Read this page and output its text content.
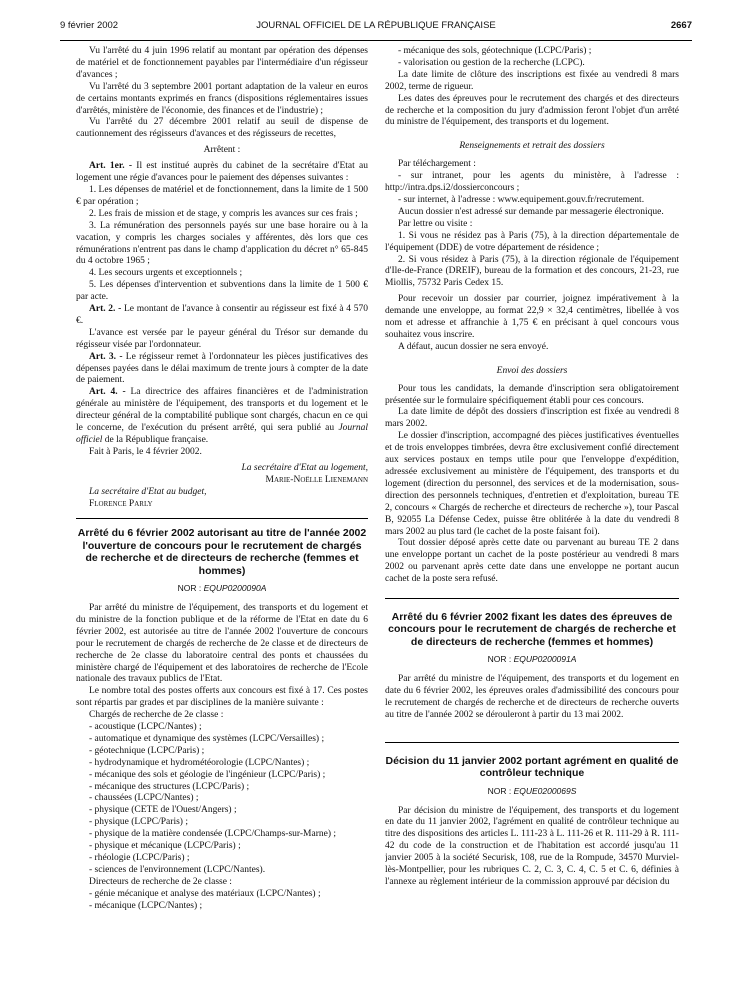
9 février 2002	JOURNAL OFFICIEL DE LA RÉPUBLIQUE FRANÇAISE	2667

Vu l'arrêté du 4 juin 1996 relatif au montant par opération des dépenses de matériel et de fonctionnement payables par l'intermédiaire d'un régisseur d'avances ;

Vu l'arrêté du 3 septembre 2001 portant adaptation de la valeur en euros de certains montants exprimés en francs (dispositions réglementaires issues d'arrêtés, ministère de l'économie, des finances et de l'industrie) ;

Vu l'arrêté du 27 décembre 2001 relatif au seuil de dispense de cautionnement des régisseurs d'avances et des régisseurs de recettes,

Arrêtent :

Art. 1er. - Il est institué auprès du cabinet de la secrétaire d'Etat au logement une régie d'avances pour le paiement des dépenses suivantes :

1. Les dépenses de matériel et de fonctionnement, dans la limite de 1 500 € par opération ;

2. Les frais de mission et de stage, y compris les avances sur ces frais ;

3. La rémunération des personnels payés sur une base horaire ou à la vacation, y compris les charges sociales y afférentes, dès lors que ces rémunérations n'entrent pas dans le champ d'application du décret n° 65-845 du 4 octobre 1965 ;

4. Les secours urgents et exceptionnels ;

5. Les dépenses d'intervention et subventions dans la limite de 1 500 € par acte.

Art. 2. - Le montant de l'avance à consentir au régisseur est fixé à 4 570 €.

L'avance est versée par le payeur général du Trésor sur demande du régisseur visée par l'ordonnateur.

Art. 3. - Le régisseur remet à l'ordonnateur les pièces justificatives des dépenses payées dans le délai maximum de trente jours à compter de la date de paiement.

Art. 4. - La directrice des affaires financières et de l'administration générale au ministère de l'équipement, des transports et du logement et le directeur général de la comptabilité publique sont chargés, chacun en ce qui le concerne, de l'exécution du présent arrêté, qui sera publié au Journal officiel de la République française.

Fait à Paris, le 4 février 2002.

La secrétaire d'Etat au logement,

Marie-Noëlle Lienemann

La secrétaire d'Etat au budget,

Florence Parly

Arrêté du 6 février 2002 autorisant au titre de l'année 2002 l'ouverture de concours pour le recrutement de chargés de recherche et de directeurs de recherche (femmes et hommes)

NOR : EQUP0200090A

Par arrêté du ministre de l'équipement, des transports et du logement et du ministre de la fonction publique et de la réforme de l'Etat en date du 6 février 2002, est autorisée au titre de l'année 2002 l'ouverture de concours pour le recrutement de chargés de recherche de 2e classe et de directeurs de recherche de 2e classe du laboratoire central des ponts et chaussées du ministère chargé de l'équipement et des laboratoires de recherche de l'Ecole nationale des travaux publics de l'Etat.

Le nombre total des postes offerts aux concours est fixé à 17. Ces postes sont répartis par grades et par disciplines de la manière suivante :

Chargés de recherche de 2e classe :

- acoustique (LCPC/Nantes) ;

- automatique et dynamique des systèmes (LCPC/Versailles) ;

- géotechnique (LCPC/Paris) ;

- hydrodynamique et hydrométéorologie (LCPC/Nantes) ;

- mécanique des sols et géologie de l'ingénieur (LCPC/Paris) ;

- mécanique des structures (LCPC/Paris) ;

- chaussées (LCPC/Nantes) ;

- physique (CETE de l'Ouest/Angers) ;

- physique (LCPC/Paris) ;

- physique de la matière condensée (LCPC/Champs-sur-Marne) ;

- physique et mécanique (LCPC/Paris) ;

- rhéologie (LCPC/Paris) ;

- sciences de l'environnement (LCPC/Nantes).

Directeurs de recherche de 2e classe :

- génie mécanique et analyse des matériaux (LCPC/Nantes) ;

- mécanique (LCPC/Nantes) ;

- mécanique des sols, géotechnique (LCPC/Paris) ;

- valorisation ou gestion de la recherche (LCPC).

La date limite de clôture des inscriptions est fixée au vendredi 8 mars 2002, terme de rigueur.

Les dates des épreuves pour le recrutement des chargés et des directeurs de recherche et la composition du jury d'admission feront l'objet d'un arrêté du ministre de l'équipement, des transports et du logement.

Renseignements et retrait des dossiers

Par téléchargement :

- sur intranet, pour les agents du ministère, à l'adresse : http://intra.dps.i2/dossierconcours ;

- sur internet, à l'adresse : www.equipement.gouv.fr/recrutement.

Aucun dossier n'est adressé sur demande par messagerie électronique.

Par lettre ou visite :

1. Si vous ne résidez pas à Paris (75), à la direction départementale de l'équipement (DDE) de votre département de résidence ;

2. Si vous résidez à Paris (75), à la direction régionale de l'équipement d'Ile-de-France (DREIF), bureau de la formation et des concours, 21-23, rue Miollis, 75732 Paris Cedex 15.

Pour recevoir un dossier par courrier, joignez impérativement à la demande une enveloppe, au format 22,9 × 32,4 centimètres, libellée à vos nom et adresse et affranchie à 1,75 € en précisant à quel concours vous souhaitez vous inscrire.

A défaut, aucun dossier ne sera envoyé.

Envoi des dossiers

Pour tous les candidats, la demande d'inscription sera obligatoirement présentée sur le formulaire spécifiquement établi pour ces concours.

La date limite de dépôt des dossiers d'inscription est fixée au vendredi 8 mars 2002.

Le dossier d'inscription, accompagné des pièces justificatives éventuelles et de trois enveloppes timbrées, devra être exclusivement confié directement aux services postaux en temps utile pour que l'enveloppe d'expédition, adressée exclusivement au ministère de l'équipement, des transports et du logement (direction du personnel, des services et de la modernisation, sous-direction des personnels techniques, d'entretien et d'exploitation, bureau TE 2, concours « Chargés de recherche et directeurs de recherche »), tour Pascal B, 92055 La Défense Cedex, puisse être oblitérée à la date du vendredi 8 mars 2002 au plus tard (le cachet de la poste faisant foi).

Tout dossier déposé après cette date ou parvenant au bureau TE 2 dans une enveloppe portant un cachet de la poste postérieur au vendredi 8 mars 2002 ou parvenant après cette date dans une enveloppe ne portant aucun cachet de la poste sera refusé.

Arrêté du 6 février 2002 fixant les dates des épreuves de concours pour le recrutement de chargés de recherche et de directeurs de recherche (femmes et hommes)

NOR : EQUP0200091A

Par arrêté du ministre de l'équipement, des transports et du logement en date du 6 février 2002, les épreuves orales d'admissibilité des concours pour le recrutement de chargés de recherche et de directeurs de recherche ouverts au titre de l'année 2002 se dérouleront à partir du 13 mai 2002.

Décision du 11 janvier 2002 portant agrément en qualité de contrôleur technique

NOR : EQUE0200069S

Par décision du ministre de l'équipement, des transports et du logement en date du 11 janvier 2002, l'agrément en qualité de contrôleur technique au titre des dispositions des articles L. 111-23 à L. 111-26 et R. 111-29 à R. 111-42 du code de la construction et de l'habitation est accordé jusqu'au 11 janvier 2005 à la société Securisk, 108, rue de la Rompude, 34570 Murviel-lès-Montpellier, pour les rubriques C. 2, C. 3, C. 4, C. 5 et C. 6, définies à l'annexe au règlement intérieur de la commission approuvé par décision du
